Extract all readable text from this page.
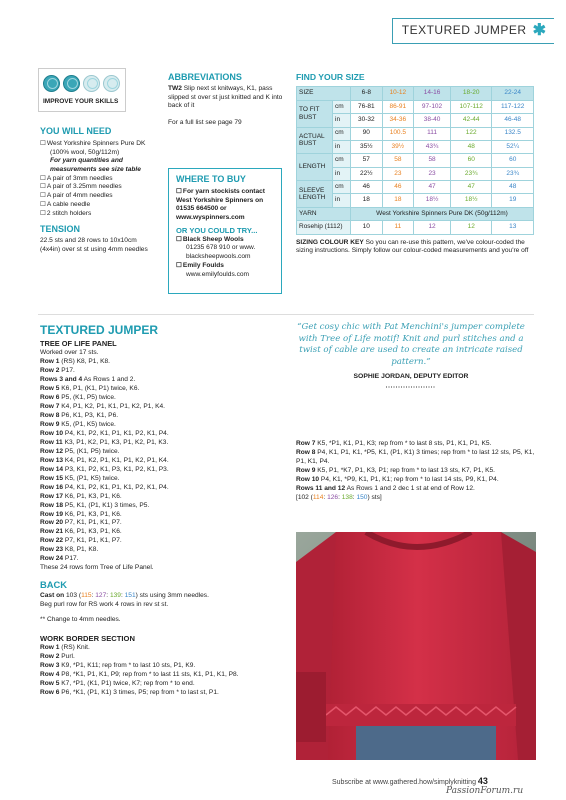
TEXTURED JUMPER ✱
IMPROVE YOUR SKILLS
YOU WILL NEED
☐ West Yorkshire Spinners Pure DK
(100% wool, 50g/112m)
For yarn quantities and measurements see size table
☐ A pair of 3mm needles
☐ A pair of 3.25mm needles
☐ A pair of 4mm needles
☐ A cable needle
☐ 2 stitch holders
TENSION
22.5 sts and 28 rows to 10x10cm (4x4in) over st st using 4mm needles
ABBREVIATIONS
TW2 Slip next st knitways, K1, pass slipped st over st just knitted and K into back of it
For a full list see page 79
WHERE TO BUY
☐ For yarn stockists contact West Yorkshire Spinners on 01535 664500 or www.wyspinners.com
OR YOU COULD TRY...
☐ Black Sheep Wools
01235 678 910 or www. blacksheepwools.com
☐ Emily Foulds
www.emilyfoulds.com
FIND YOUR SIZE
SIZE		6-8	10-12	14-16	18-20	22-24
TO FIT BUST	cm	76-81	86-91	97-102	107-112	117-122
	in	30-32	34-36	38-40	42-44	46-48
ACTUAL BUST	cm	90	100.5	111	122	132.5
	in	35½	39½	43¾	48	52¼
LENGTH	cm	57	58	58	60	60
	in	22½	23	23	23¾	23¾
SLEEVE LENGTH	cm	46	46	47	47	48
	in	18	18	18½	18½	19
YARN		West Yorkshire Spinners Pure DK (50g/112m)				
Rosehip (1112)		10	11	12	12	13
SIZING COLOUR KEY So you can re-use this pattern, we've colour-coded the sizing instructions. Simply follow our colour-coded measurements and you're off
TEXTURED JUMPER
TREE OF LIFE PANEL
Worked over 17 sts.
Row 1 (RS) K8, P1, K8.
Row 2 P17.
Rows 3 and 4 As Rows 1 and 2.
Row 5 K6, P1, (K1, P1) twice, K6.
Row 6 P5, (K1, P5) twice.
Row 7 K4, P1, K2, P1, K1, P1, K2, P1, K4.
Row 8 P6, K1, P3, K1, P6.
Row 9 K5, (P1, K5) twice.
Row 10 P4, K1, P2, K1, P1, K1, P2, K1, P4.
Row 11 K3, P1, K2, P1, K3, P1, K2, P1, K3.
Row 12 P5, (K1, P5) twice.
Row 13 K4, P1, K2, P1, K1, P1, K2, P1, K4.
Row 14 P3, K1, P2, K1, P3, K1, P2, K1, P3.
Row 15 K5, (P1, K5) twice.
Row 16 P4, K1, P2, K1, P1, K1, P2, K1, P4.
Row 17 K6, P1, K3, P1, K6.
Row 18 P5, K1, (P1, K1) 3 times, P5.
Row 19 K6, P1, K3, P1, K6.
Row 20 P7, K1, P1, K1, P7.
Row 21 K6, P1, K3, P1, K6.
Row 22 P7, K1, P1, K1, P7.
Row 23 K8, P1, K8.
Row 24 P17.
These 24 rows form Tree of Life Panel.
BACK
Cast on 103 (115: 127: 139: 151) sts using 3mm needles.
Beg purl row for RS work 4 rows in rev st st.
** Change to 4mm needles.
WORK BORDER SECTION
Row 1 (RS) Knit.
Row 2 Purl.
Row 3 K9, *P1, K11; rep from * to last 10 sts, P1, K9.
Row 4 P8, *K1, P1, K1, P9; rep from * to last 11 sts, K1, P1, K1, P8.
Row 5 K7, *P1, (K1, P1) twice, K7; rep from * to end.
Row 6 P6, *K1, (P1, K1) 3 times, P5; rep from * to last st, P1.
“Get cosy chic with Pat Menchini's jumper complete with Tree of Life motif! Knit and purl stitches and a twist of cable are used to create an intricate raised pattern.”
SOPHIE JORDAN, DEPUTY EDITOR
Row 7 K5, *P1, K1, P1, K3; rep from * to last 8 sts, P1, K1, P1, K5.
Row 8 P4, K1, P1, K1, *P5, K1, (P1, K1) 3 times; rep from * to last 12 sts, P5, K1, P1, K1, P4.
Row 9 K5, P1, *K7, P1, K3, P1; rep from * to last 13 sts, K7, P1, K5.
Row 10 P4, K1, *P9, K1, P1, K1; rep from * to last 14 sts, P9, K1, P4.
Rows 11 and 12 As Rows 1 and 2 dec 1 st at end of Row 12.
[102 (114: 126: 138: 150) sts]
Subscribe at www.gathered.how/simplyknitting 43
PassionForum.ru
